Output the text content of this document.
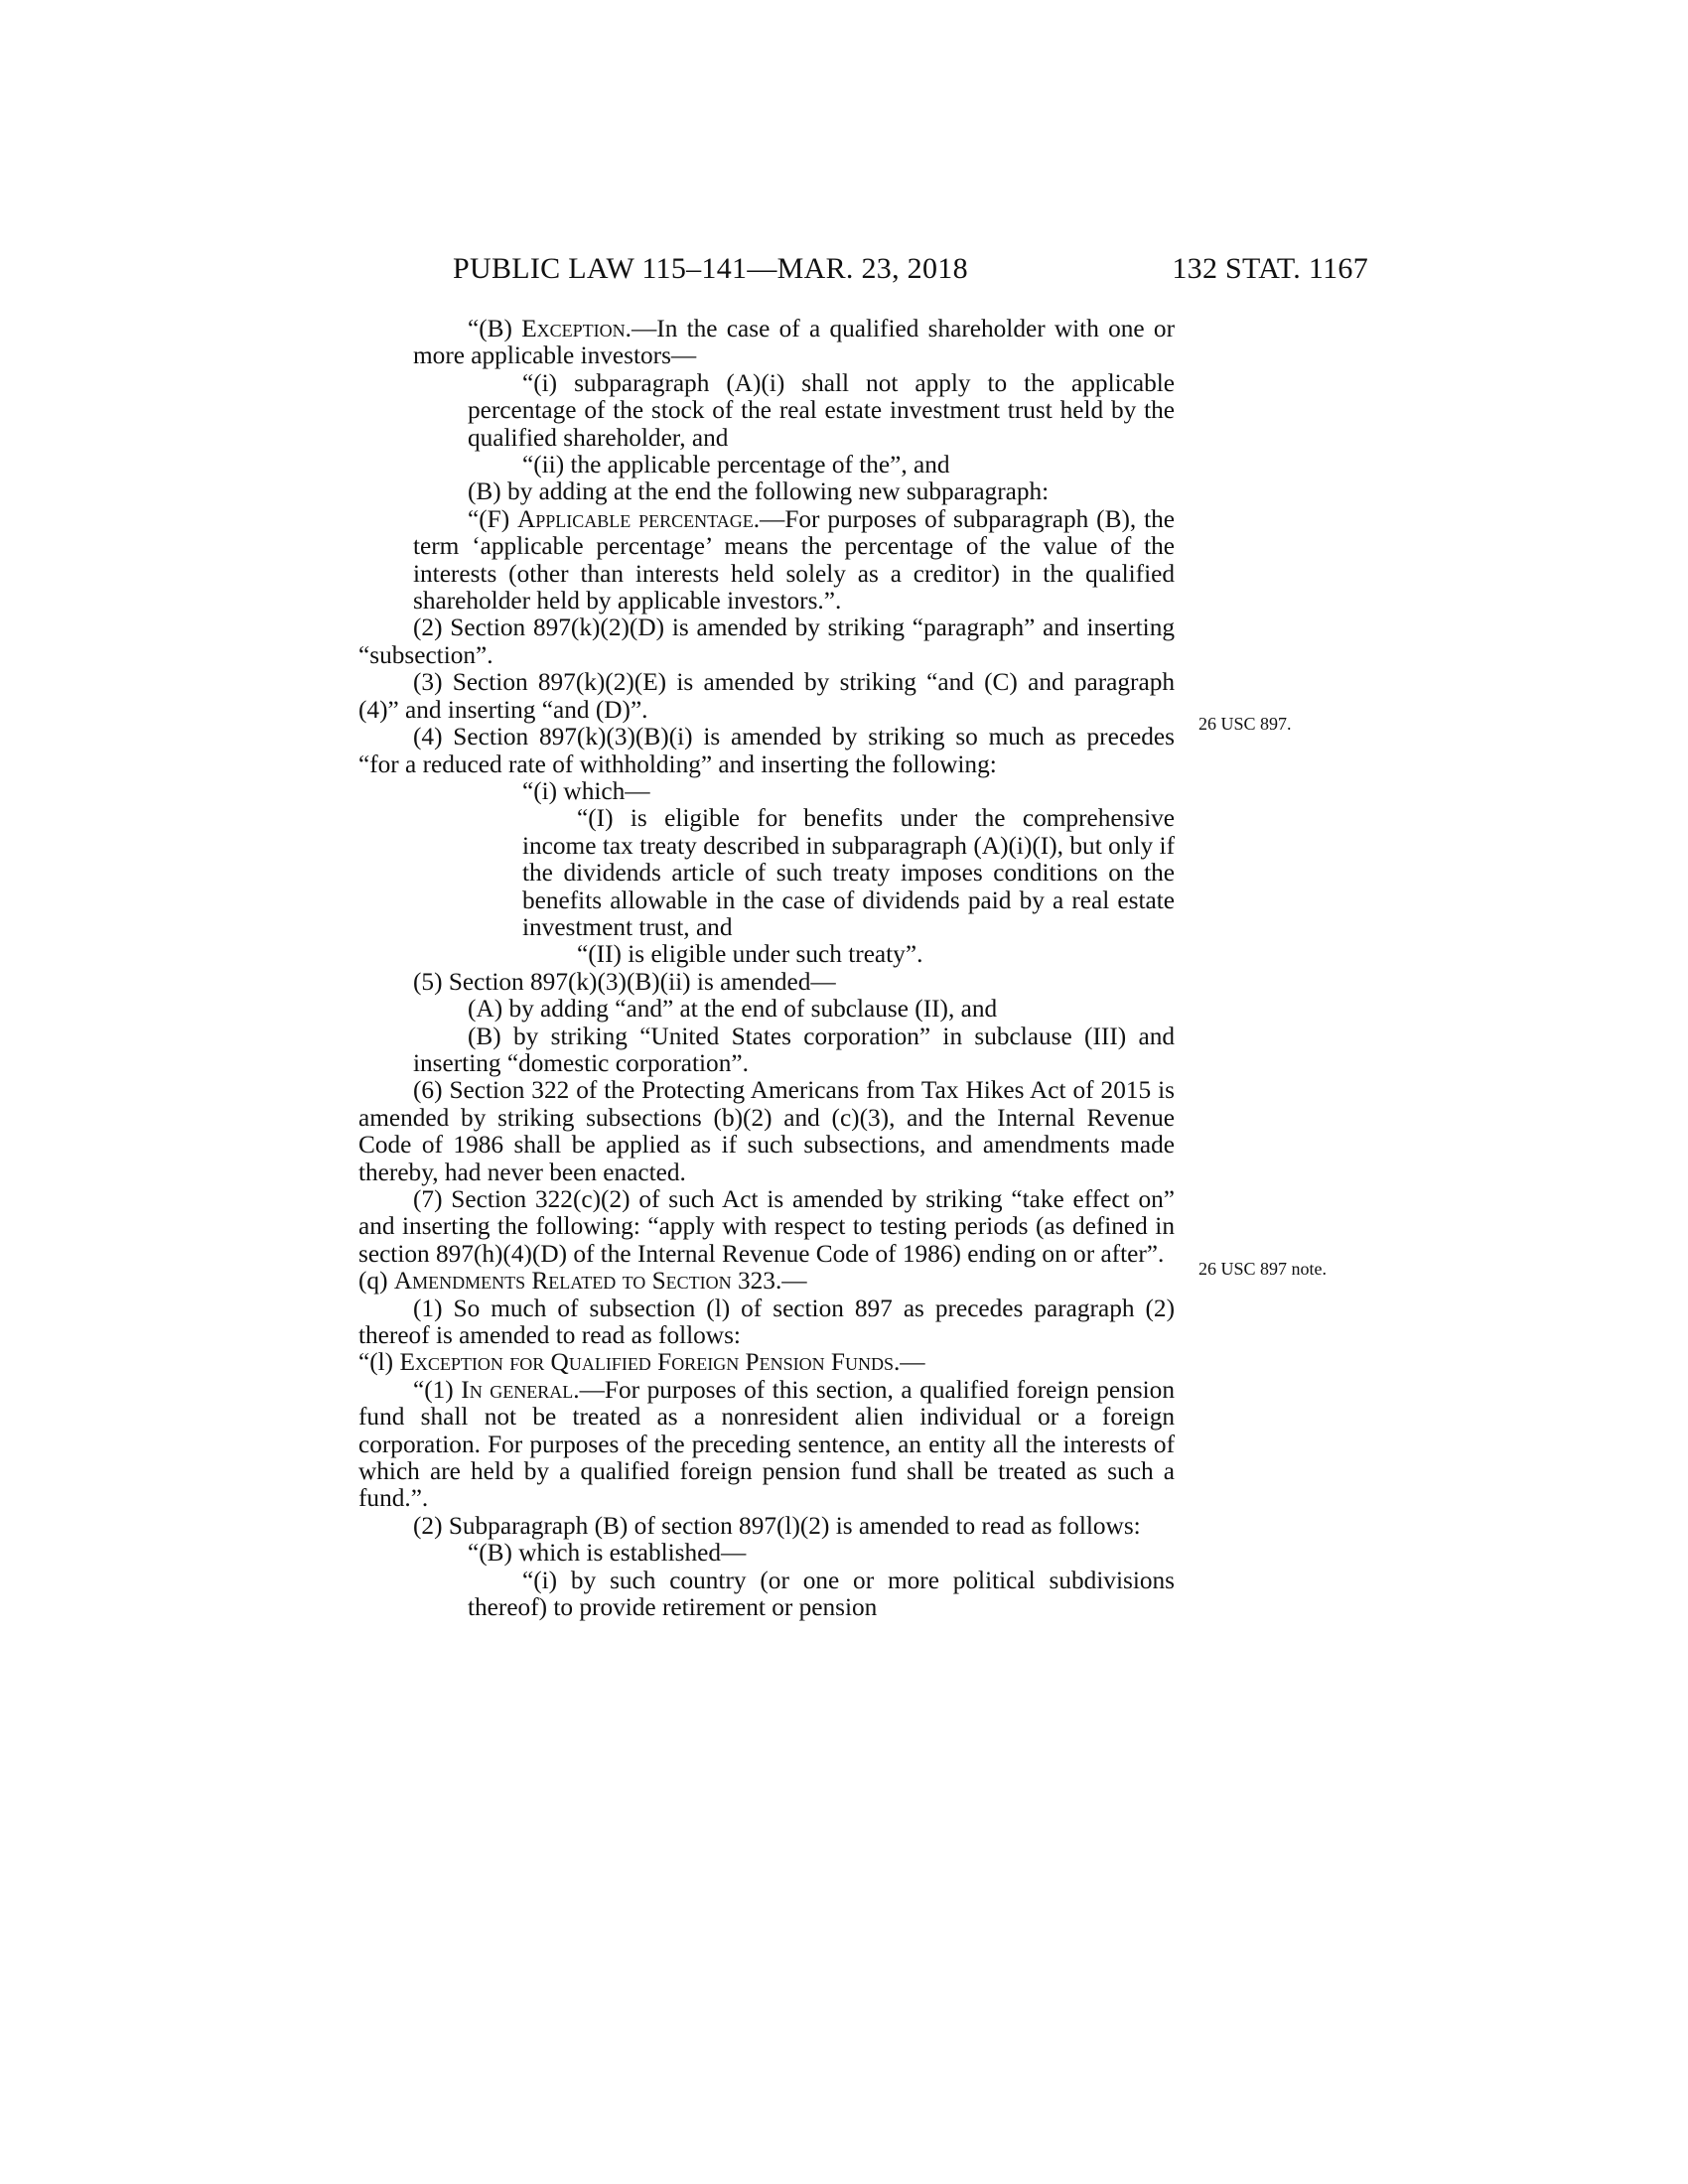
PUBLIC LAW 115–141—MAR. 23, 2018	132 STAT. 1167
26 USC 897.
26 USC 897 note.

“(B) Exception.—In the case of a qualified shareholder with one or more applicable investors—

“(i) subparagraph (A)(i) shall not apply to the applicable percentage of the stock of the real estate investment trust held by the qualified shareholder, and

“(ii) the applicable percentage of the”, and

(B) by adding at the end the following new subparagraph:

“(F) Applicable percentage.—For purposes of subparagraph (B), the term ‘applicable percentage’ means the percentage of the value of the interests (other than interests held solely as a creditor) in the qualified shareholder held by applicable investors.”.

(2) Section 897(k)(2)(D) is amended by striking “paragraph” and inserting “subsection”.

(3) Section 897(k)(2)(E) is amended by striking “and (C) and paragraph (4)” and inserting “and (D)”.

(4) Section 897(k)(3)(B)(i) is amended by striking so much as precedes “for a reduced rate of withholding” and inserting the following:

“(i) which—

“(I) is eligible for benefits under the comprehensive income tax treaty described in subparagraph (A)(i)(I), but only if the dividends article of such treaty imposes conditions on the benefits allowable in the case of dividends paid by a real estate investment trust, and

“(II) is eligible under such treaty”.

(5) Section 897(k)(3)(B)(ii) is amended—

(A) by adding “and” at the end of subclause (II), and

(B) by striking “United States corporation” in subclause (III) and inserting “domestic corporation”.

(6) Section 322 of the Protecting Americans from Tax Hikes Act of 2015 is amended by striking subsections (b)(2) and (c)(3), and the Internal Revenue Code of 1986 shall be applied as if such subsections, and amendments made thereby, had never been enacted.

(7) Section 322(c)(2) of such Act is amended by striking “take effect on” and inserting the following: “apply with respect to testing periods (as defined in section 897(h)(4)(D) of the Internal Revenue Code of 1986) ending on or after”.

(q) Amendments Related to Section 323.—

(1) So much of subsection (l) of section 897 as precedes paragraph (2) thereof is amended to read as follows:

“(l) Exception for Qualified Foreign Pension Funds.—

“(1) In general.—For purposes of this section, a qualified foreign pension fund shall not be treated as a nonresident alien individual or a foreign corporation. For purposes of the preceding sentence, an entity all the interests of which are held by a qualified foreign pension fund shall be treated as such a fund.”.

(2) Subparagraph (B) of section 897(l)(2) is amended to read as follows:

“(B) which is established—

“(i) by such country (or one or more political subdivisions thereof) to provide retirement or pension
